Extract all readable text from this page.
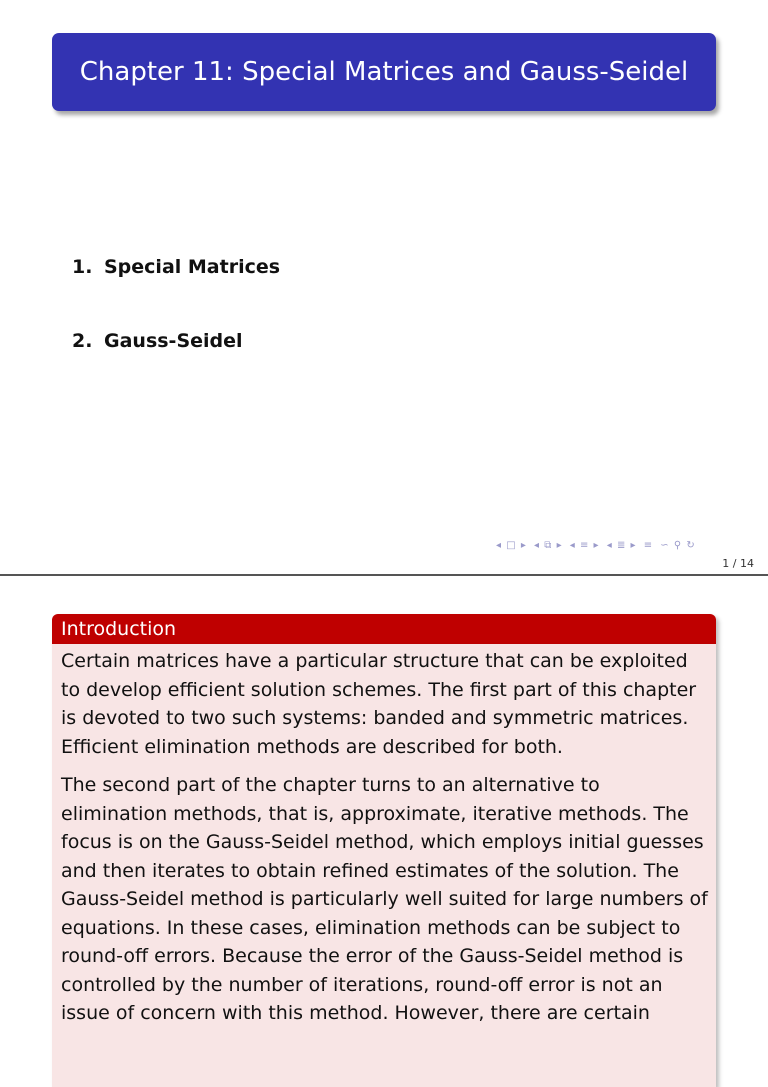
Chapter 11: Special Matrices and Gauss-Seidel
1. Special Matrices
2. Gauss-Seidel
◂ □ ▸ ◂ ⧉ ▸ ◂ ≡ ▸ ◂ ≣ ▸ ≡ ∽ ⚲ ↻
1 / 14
Introduction

Certain matrices have a particular structure that can be exploited to develop efficient solution schemes. The first part of this chapter is devoted to two such systems: banded and symmetric matrices. Efficient elimination methods are described for both.

The second part of the chapter turns to an alternative to elimination methods, that is, approximate, iterative methods. The focus is on the Gauss-Seidel method, which employs initial guesses and then iterates to obtain refined estimates of the solution. The Gauss-Seidel method is particularly well suited for large numbers of equations. In these cases, elimination methods can be subject to round-off errors. Because the error of the Gauss-Seidel method is controlled by the number of iterations, round-off error is not an issue of concern with this method. However, there are certain
